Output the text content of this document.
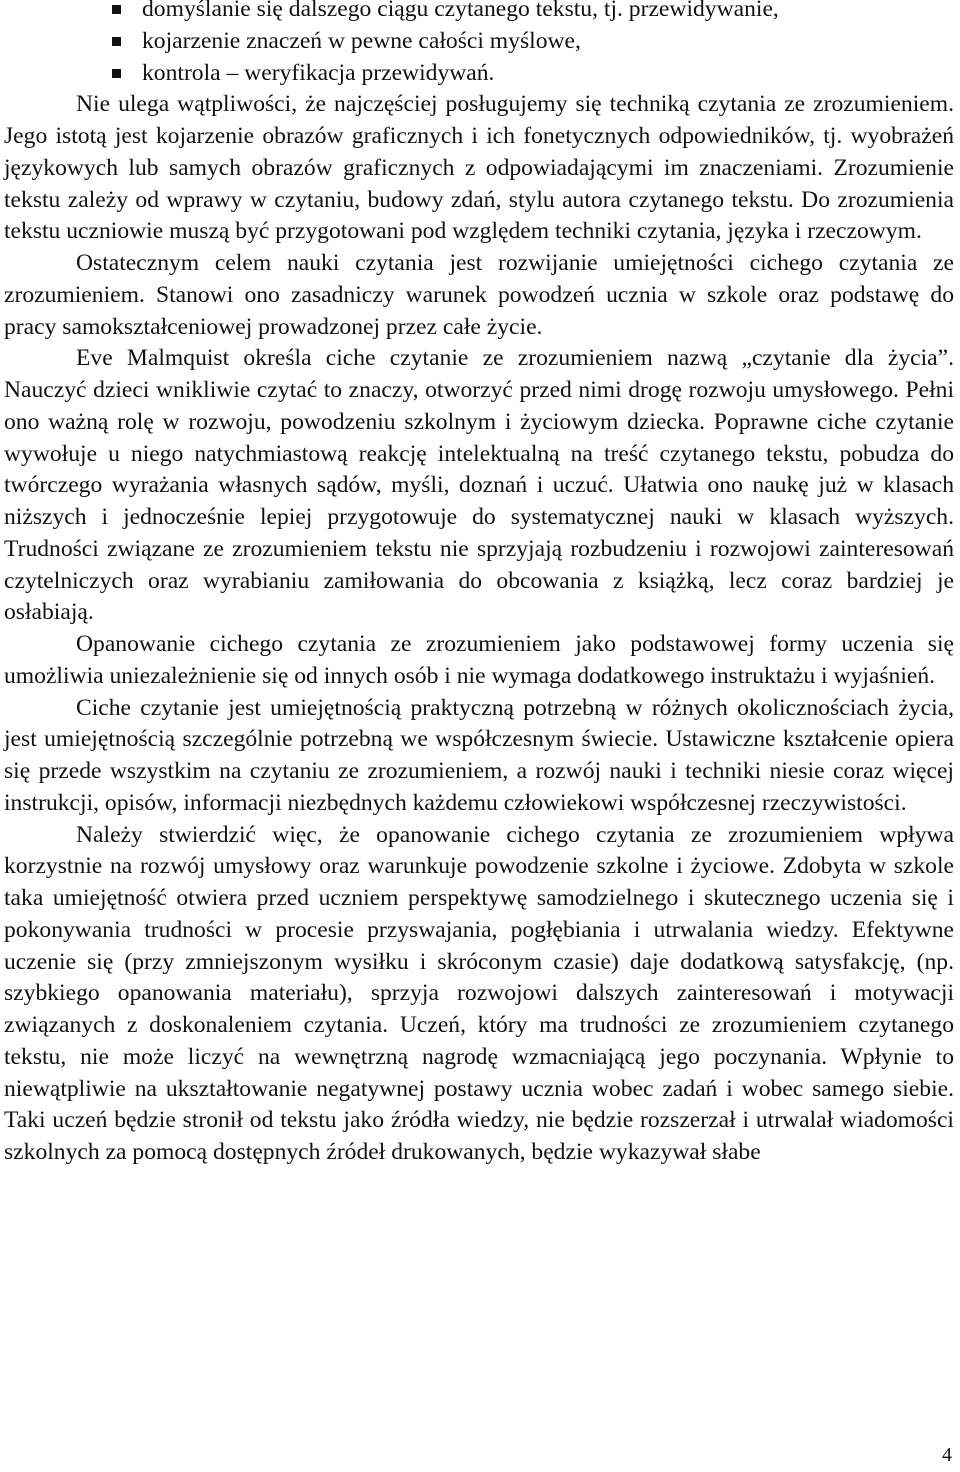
domyślanie się dalszego ciągu czytanego tekstu, tj. przewidywanie,
kojarzenie znaczeń w pewne całości myślowe,
kontrola – weryfikacja przewidywań.

Nie ulega wątpliwości, że najczęściej posługujemy się techniką czytania ze zrozumieniem. Jego istotą jest kojarzenie obrazów graficznych i ich fonetycznych odpowiedników, tj. wyobrażeń językowych lub samych obrazów graficznych z odpowiadającymi im znaczeniami. Zrozumienie tekstu zależy od wprawy w czytaniu, budowy zdań, stylu autora czytanego tekstu. Do zrozumienia tekstu uczniowie muszą być przygotowani pod względem techniki czytania, języka i rzeczowym.

Ostatecznym celem nauki czytania jest rozwijanie umiejętności cichego czytania ze zrozumieniem. Stanowi ono zasadniczy warunek powodzeń ucznia w szkole oraz podstawę do pracy samokształceniowej prowadzonej przez całe życie.

Eve Malmquist określa ciche czytanie ze zrozumieniem nazwą „czytanie dla życia”. Nauczyć dzieci wnikliwie czytać to znaczy, otworzyć przed nimi drogę rozwoju umysłowego. Pełni ono ważną rolę w rozwoju, powodzeniu szkolnym i życiowym dziecka. Poprawne ciche czytanie wywołuje u niego natychmiastową reakcję intelektualną na treść czytanego tekstu, pobudza do twórczego wyrażania własnych sądów, myśli, doznań i uczuć. Ułatwia ono naukę już w klasach niższych i jednocześnie lepiej przygotowuje do systematycznej nauki w klasach wyższych. Trudności związane ze zrozumieniem tekstu nie sprzyjają rozbudzeniu i rozwojowi zainteresowań czytelniczych oraz wyrabianiu zamiłowania do obcowania z książką, lecz coraz bardziej je osłabiają.

Opanowanie cichego czytania ze zrozumieniem jako podstawowej formy uczenia się umożliwia uniezależnienie się od innych osób i nie wymaga dodatkowego instruktażu i wyjaśnień.

Ciche czytanie jest umiejętnością praktyczną potrzebną w różnych okolicznościach życia, jest umiejętnością szczególnie potrzebną we współczesnym świecie. Ustawiczne kształcenie opiera się przede wszystkim na czytaniu ze zrozumieniem, a rozwój nauki i techniki niesie coraz więcej instrukcji, opisów, informacji niezbędnych każdemu człowiekowi współczesnej rzeczywistości.

Należy stwierdzić więc, że opanowanie cichego czytania ze zrozumieniem wpływa korzystnie na rozwój umysłowy oraz warunkuje powodzenie szkolne i życiowe. Zdobyta w szkole taka umiejętność otwiera przed uczniem perspektywę samodzielnego i skutecznego uczenia się i pokonywania trudności w procesie przyswajania, pogłębiania i utrwalania wiedzy. Efektywne uczenie się (przy zmniejszonym wysiłku i skróconym czasie) daje dodatkową satysfakcję, (np. szybkiego opanowania materiału), sprzyja rozwojowi dalszych zainteresowań i motywacji związanych z doskonaleniem czytania. Uczeń, który ma trudności ze zrozumieniem czytanego tekstu, nie może liczyć na wewnętrzną nagrodę wzmacniającą jego poczynania. Wpłynie to niewątpliwie na ukształtowanie negatywnej postawy ucznia wobec zadań i wobec samego siebie. Taki uczeń będzie stronił od tekstu jako źródła wiedzy, nie będzie rozszerzał i utrwalał wiadomości szkolnych za pomocą dostępnych źródeł drukowanych, będzie wykazywał słabe

4
